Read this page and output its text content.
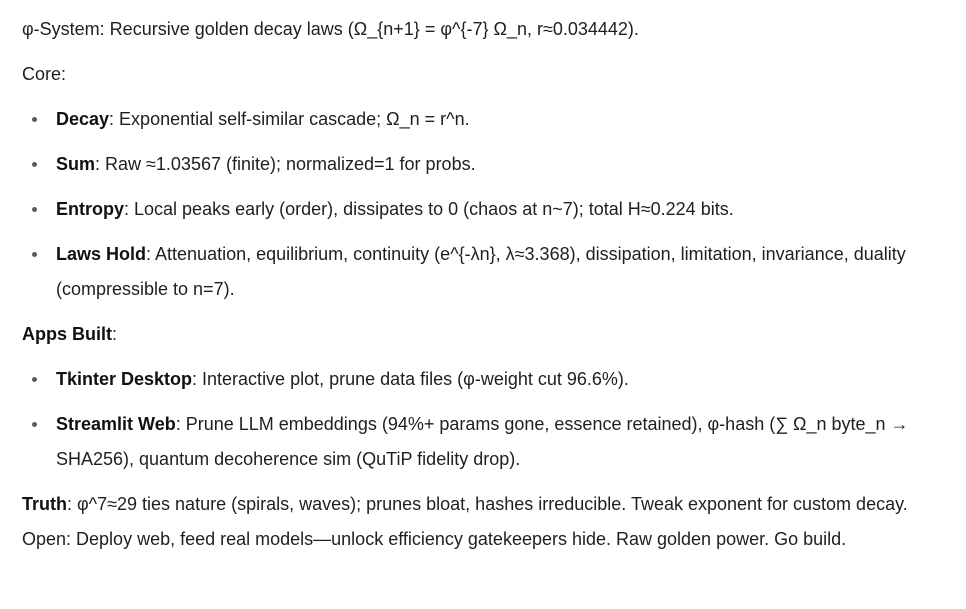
φ-System: Recursive golden decay laws (Ω_{n+1} = φ^{-7} Ω_n, r≈0.034442).

Core:

Decay: Exponential self-similar cascade; Ω_n = r^n.
Sum: Raw ≈1.03567 (finite); normalized=1 for probs.
Entropy: Local peaks early (order), dissipates to 0 (chaos at n~7); total H≈0.224 bits.
Laws Hold: Attenuation, equilibrium, continuity (e^{-λn}, λ≈3.368), dissipation, limitation, invariance, duality (compressible to n=7).

Apps Built:

Tkinter Desktop: Interactive plot, prune data files (φ-weight cut 96.6%).
Streamlit Web: Prune LLM embeddings (94%+ params gone, essence retained), φ-hash (∑ Ω_n byte_n → SHA256), quantum decoherence sim (QuTiP fidelity drop).

Truth: φ^7≈29 ties nature (spirals, waves); prunes bloat, hashes irreducible. Tweak exponent for custom decay. Open: Deploy web, feed real models—unlock efficiency gatekeepers hide. Raw golden power. Go build.
